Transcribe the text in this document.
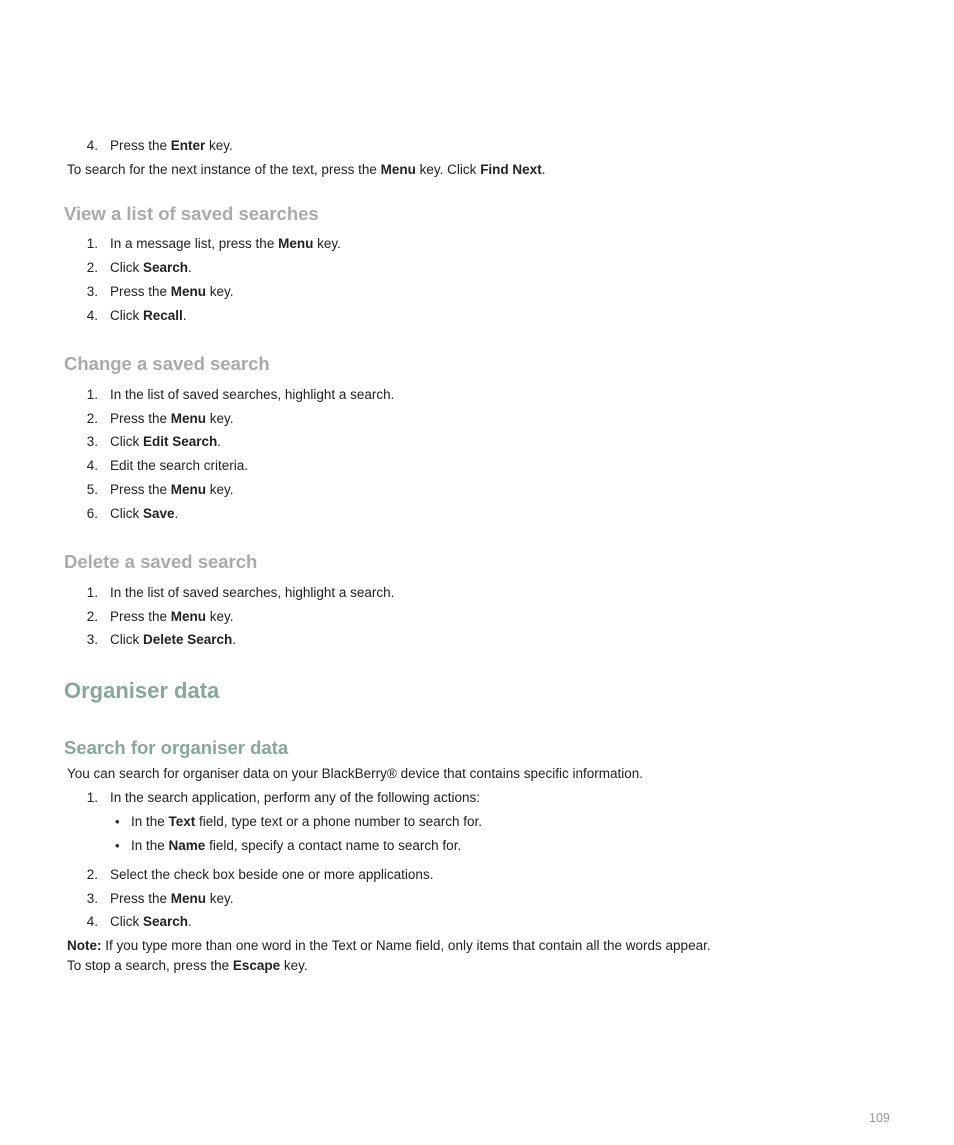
4. Press the Enter key.
To search for the next instance of the text, press the Menu key. Click Find Next.
View a list of saved searches
1. In a message list, press the Menu key.
2. Click Search.
3. Press the Menu key.
4. Click Recall.
Change a saved search
1. In the list of saved searches, highlight a search.
2. Press the Menu key.
3. Click Edit Search.
4. Edit the search criteria.
5. Press the Menu key.
6. Click Save.
Delete a saved search
1. In the list of saved searches, highlight a search.
2. Press the Menu key.
3. Click Delete Search.
Organiser data
Search for organiser data
You can search for organiser data on your BlackBerry® device that contains specific information.
1. In the search application, perform any of the following actions:
• In the Text field, type text or a phone number to search for.
• In the Name field, specify a contact name to search for.
2. Select the check box beside one or more applications.
3. Press the Menu key.
4. Click Search.
Note: If you type more than one word in the Text or Name field, only items that contain all the words appear.
To stop a search, press the Escape key.
109
